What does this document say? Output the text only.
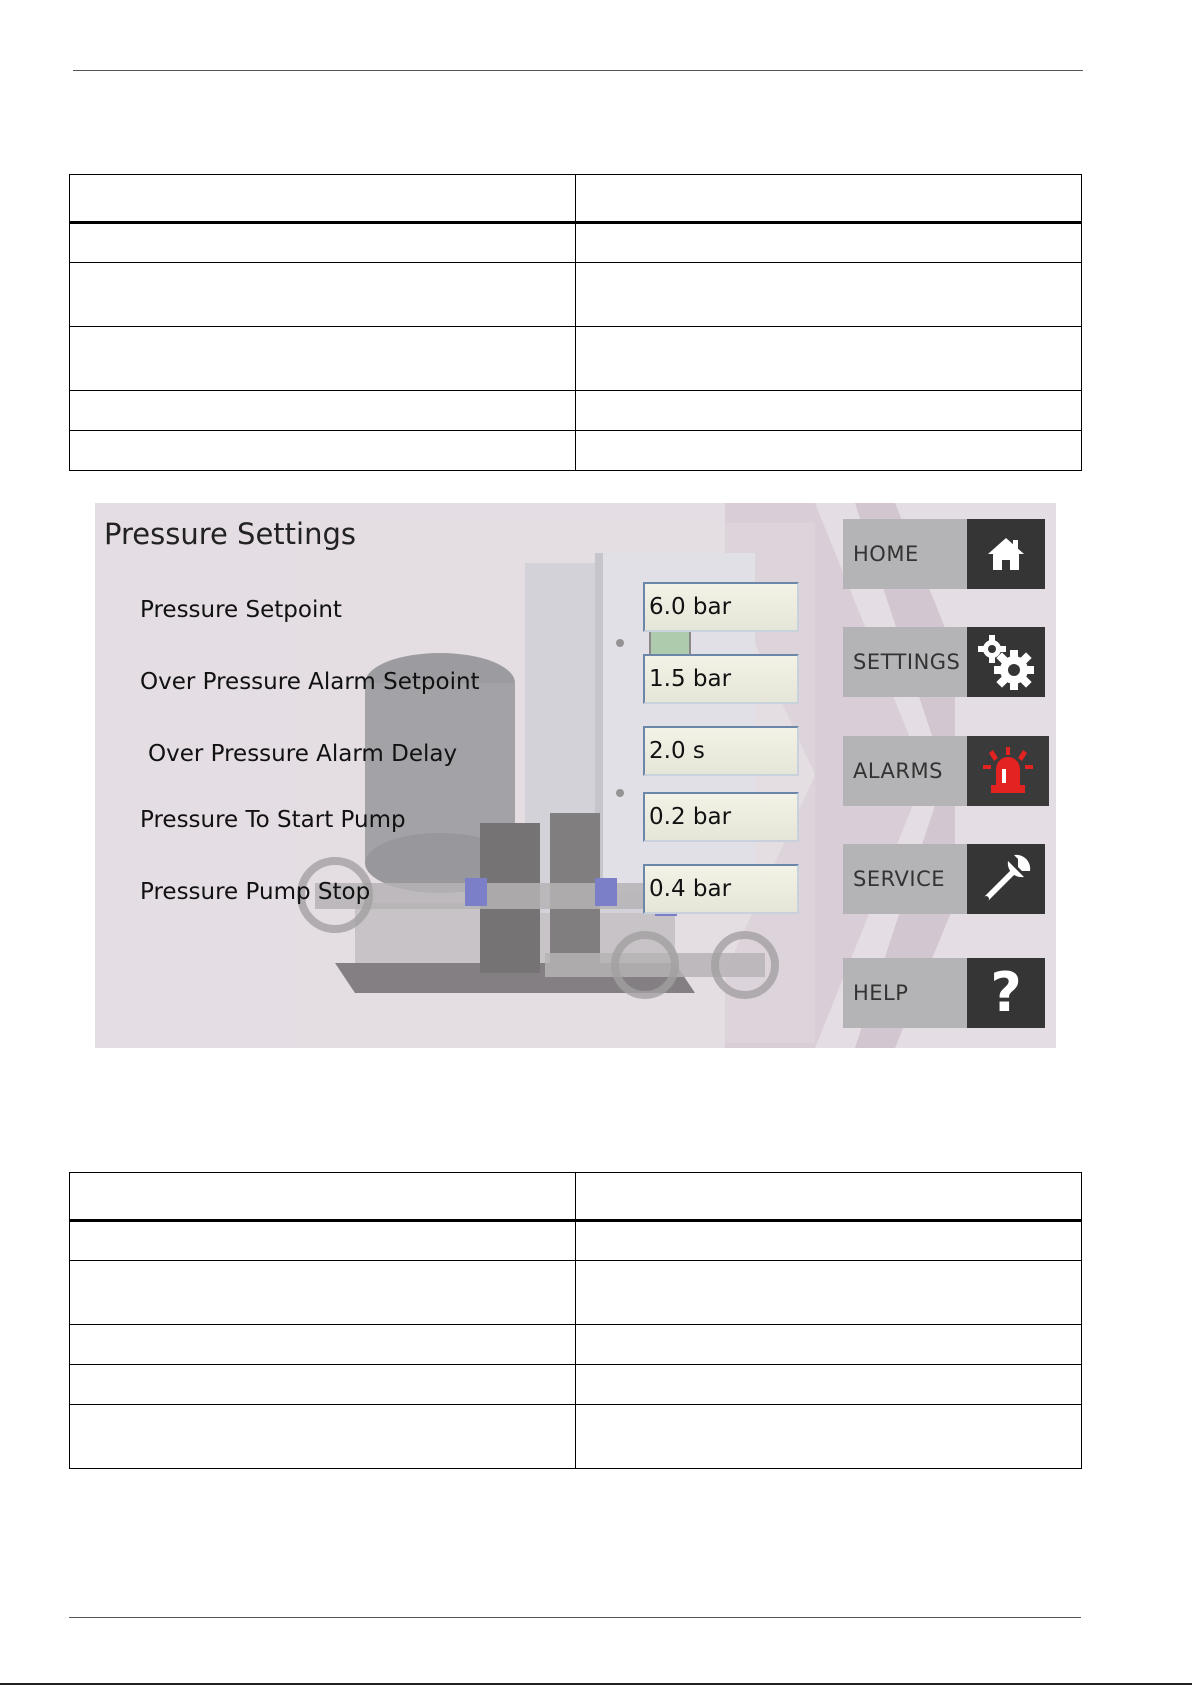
Pressure Settings
Pressure Setpoint	6.0 bar
Over Pressure Alarm Setpoint	1.5 bar
Over Pressure Alarm Delay	2.0 s
Pressure To Start Pump	0.2 bar
Pressure Pump Stop	0.4 bar
HOME
SETTINGS
ALARMS
SERVICE
HELP	?
